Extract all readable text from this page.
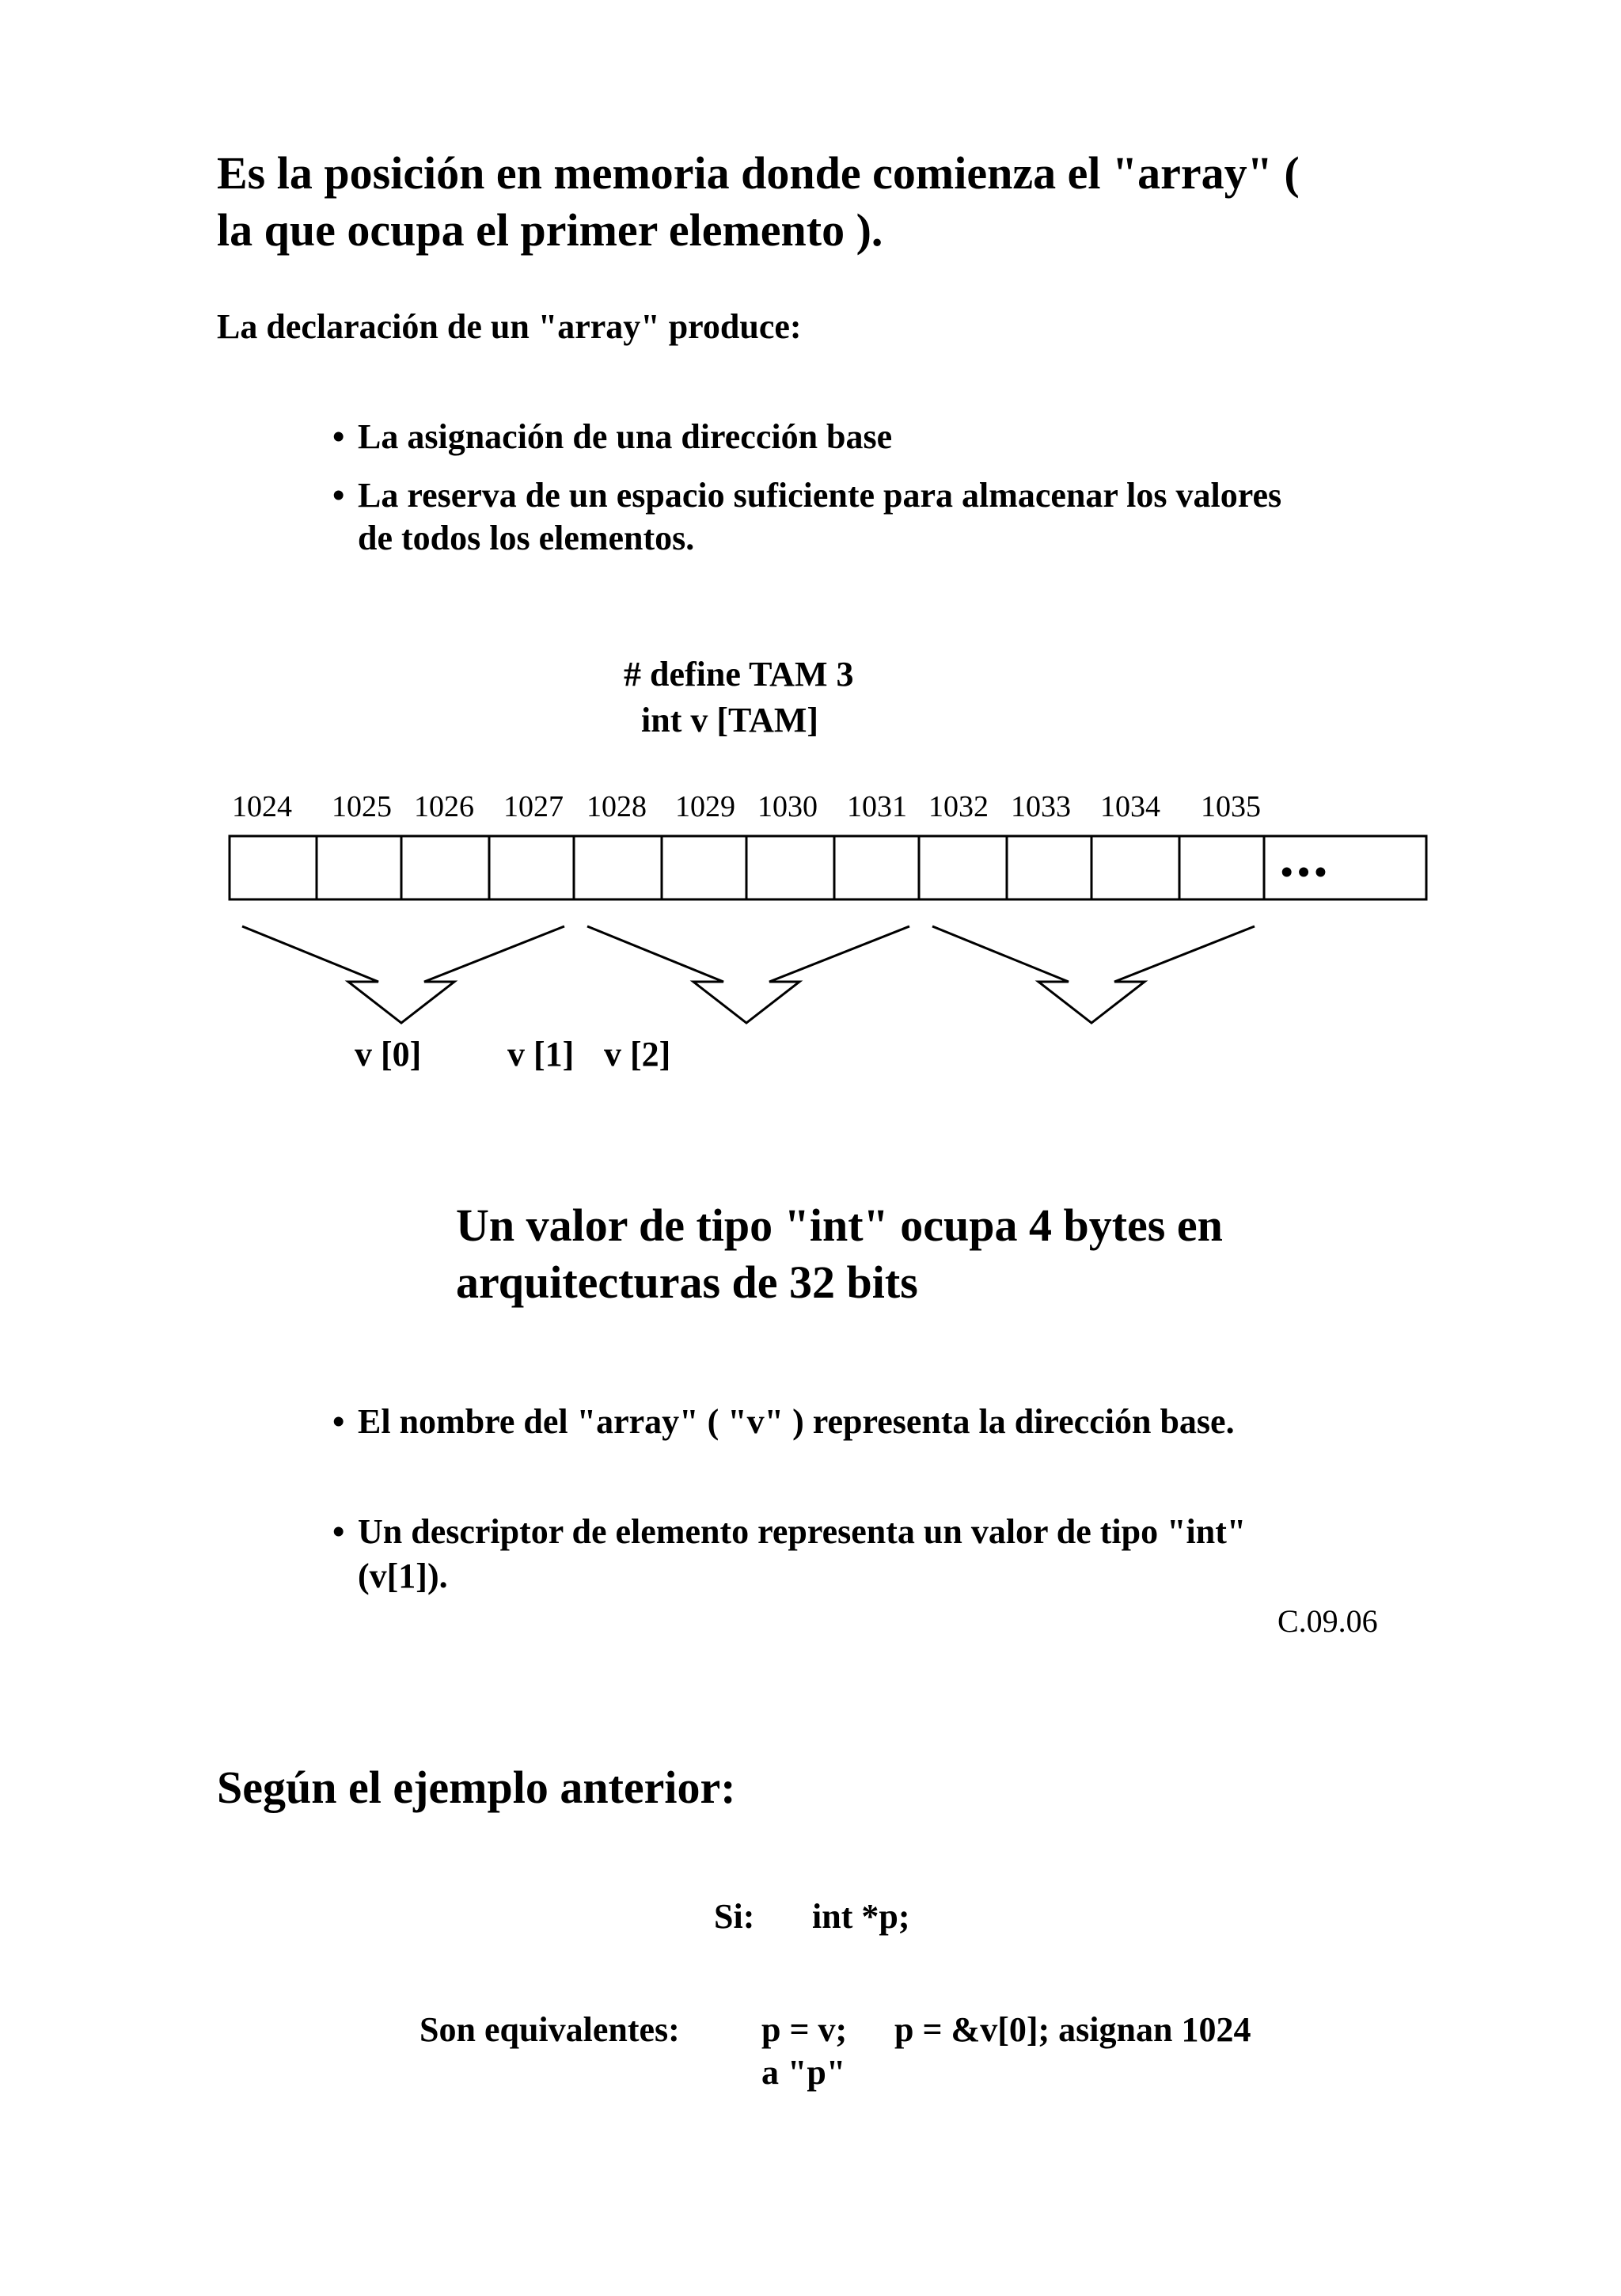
Es la posición en memoria donde comienza el "array" (
la que ocupa el primer elemento ).
La declaración de un "array" produce:
• La asignación de una dirección base
• La reserva de un espacio suficiente para almacenar los valores
de todos los elementos.
# define TAM 3
int v [TAM]
1024 1025 1026 1027 1028 1029 1030 1031 1032 1033 1034 1035
•••
v [0] v [1] v [2]
Un valor de tipo "int" ocupa 4 bytes en
arquitecturas de 32 bits
• El nombre del "array" ( "v" ) representa la dirección base.
• Un descriptor de elemento representa un valor de tipo "int"
(v[1]).
C.09.06
Según el ejemplo anterior:
Si: int *p;
Son equivalentes: p = v; p = &v[0]; asignan 1024
a "p"
